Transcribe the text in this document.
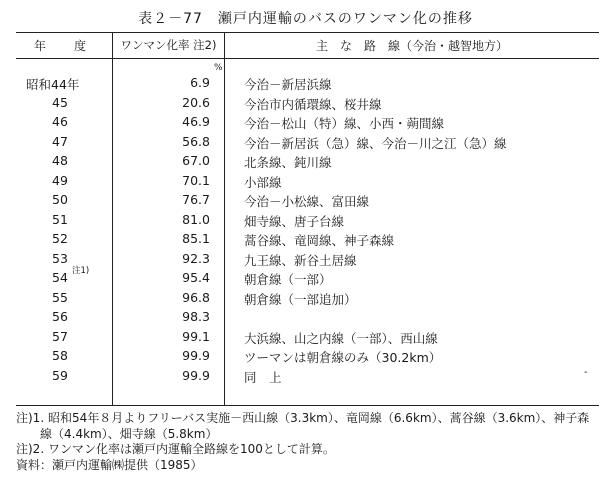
表２－77　瀬戸内運輸のバスのワンマン化の推移
年　度	ワンマン化率 注2)	主　な　路　線（今治・越智地方）
%
昭和44年	6.9	今治－新居浜線
45	20.6	今治市内循環線、桜井線
46	46.9	今治－松山（特）線、小西・蒴間線
47	56.8	今治－新居浜（急）線、今治－川之江（急）線
48	67.0	北条線、鈍川線
49	70.1	小部線
50	76.7	今治－小松線、富田線
51	81.0	畑寺線、唐子台線
52	85.1	蒿谷線、竜岡線、神子森線
53	92.3	九王線、新谷土居線
54 注1)	95.4	朝倉線（一部）
55	96.8	朝倉線（一部追加）
56	98.3
57	99.1	大浜線、山之内線（一部）、西山線
58	99.9	ツーマンは朝倉線のみ（30.2km）
59	99.9	同　上	-
注)1. 昭和54年８月よりフリーバス実施－西山線（3.3km）、竜岡線（6.6km）、蒿谷線（3.6km）、神子森
線（4.4km）、畑寺線（5.8km）
注)2. ワンマン化率は瀬戸内運輸全路線を100として計算。
資料：瀬戸内運輸㈱提供（1985）
